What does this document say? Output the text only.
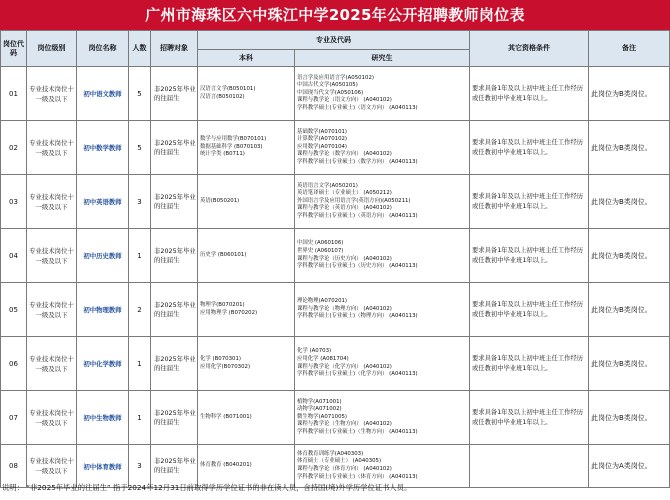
广州市海珠区六中珠江中学2025年公开招聘教师岗位表
岗位代码	岗位级别	岗位名称	人数	招聘对象	专业及代码		其它资格条件	备注
					本科	研究生		
01	专业技术岗位十一级及以下	初中语文教师	5	非2025年毕业的往届生	汉语言文学(B050101)
汉语言(B050102)	语言学及应用语言学(A050102)
中国古代文学(A050105)
中国现当代文学(A050106)
课程与教学论（语文方向） (A040102)
学科教学硕士(专业硕士)（语文方向） (A040113)	要求具备1年及以上初中班主任工作经历或任教初中毕业班1年以上。	此岗位为B类岗位。
02	专业技术岗位十一级及以下	初中数学教师	5	非2025年毕业的往届生	数学与应用数学(B070101)
数据基础科学 (B070103)
统计学类 (B0711)	基础数学(A070101)
计算数学(A070102)
应用数学(A070104)
课程与教学论（数学方向） (A040102)
学科教学硕士(专业硕士)（数学方向） (A040113)	要求具备1年及以上初中班主任工作经历或任教初中毕业班1年以上。	此岗位为B类岗位。
03	专业技术岗位十一级及以下	初中英语教师	3	非2025年毕业的往届生	英语(B050201)	英语语言文学(A050201)
英语笔译硕士（专业硕士） (A050212)
外国语言学及应用语言学(英语方向)(A050211)
课程与教学论（英语方向） (A040102)
学科教学硕士(专业硕士)（英语方向） (A040113)	要求具备1年及以上初中班主任工作经历或任教初中毕业班1年以上。	此岗位为B类岗位。
04	专业技术岗位十一级及以下	初中历史教师	1	非2025年毕业的往届生	历史学 (B060101)	中国史 (A060106)
世界史 (A060107)
课程与教学论（历史方向） (A040102)
学科教学硕士(专业硕士)（历史方向） (A040113)	要求具备1年及以上初中班主任工作经历或任教初中毕业班1年以上。	此岗位为B类岗位。
05	专业技术岗位十一级及以下	初中物理教师	2	非2025年毕业的往届生	物理学(B070201)
应用物理学 (B070202)	理论物理(A070201)
课程与教学论（物理方向） (A040102)
学科教学硕士(专业硕士)（物理方向） (A040113)	要求具备1年及以上初中班主任工作经历或任教初中毕业班1年以上。	此岗位为B类岗位。
06	专业技术岗位十一级及以下	初中化学教师	1	非2025年毕业的往届生	化学 (B070301)
应用化学(B070302)	化学 (A0703)
应用化学 (A081704)
课程与教学论（化学方向） (A040102)
学科教学硕士(专业硕士)（化学方向） (A040113)	要求具备1年及以上初中班主任工作经历或任教初中毕业班1年以上。	此岗位为B类岗位。
07	专业技术岗位十一级及以下	初中生物教师	1	非2025年毕业的往届生	生物科学 (B071001)	植物学(A071001)
动物学(A071002)
微生物学(A071005)
课程与教学论（生物方向） (A040102)
学科教学硕士(专业硕士)（生物方向） (A040113)	要求具备1年及以上初中班主任工作经历或任教初中毕业班1年以上。	此岗位为B类岗位。
08	专业技术岗位十一级及以下	初中体育教师	3	非2025年毕业的往届生	体育教育 (B040201)	体育教育训练学(A040303)
体育硕士（专业硕士） (A040305)
课程与教学论（体育方向） (A040102)
学科教学硕士(专业硕士)（体育方向） (A040113)		此岗位为A类岗位。
说明： “非2025年毕业的往届生” 指于2024年12月31日前取得学历学位证书的非在读人员，含持国(境)外学历学位证书人员。
